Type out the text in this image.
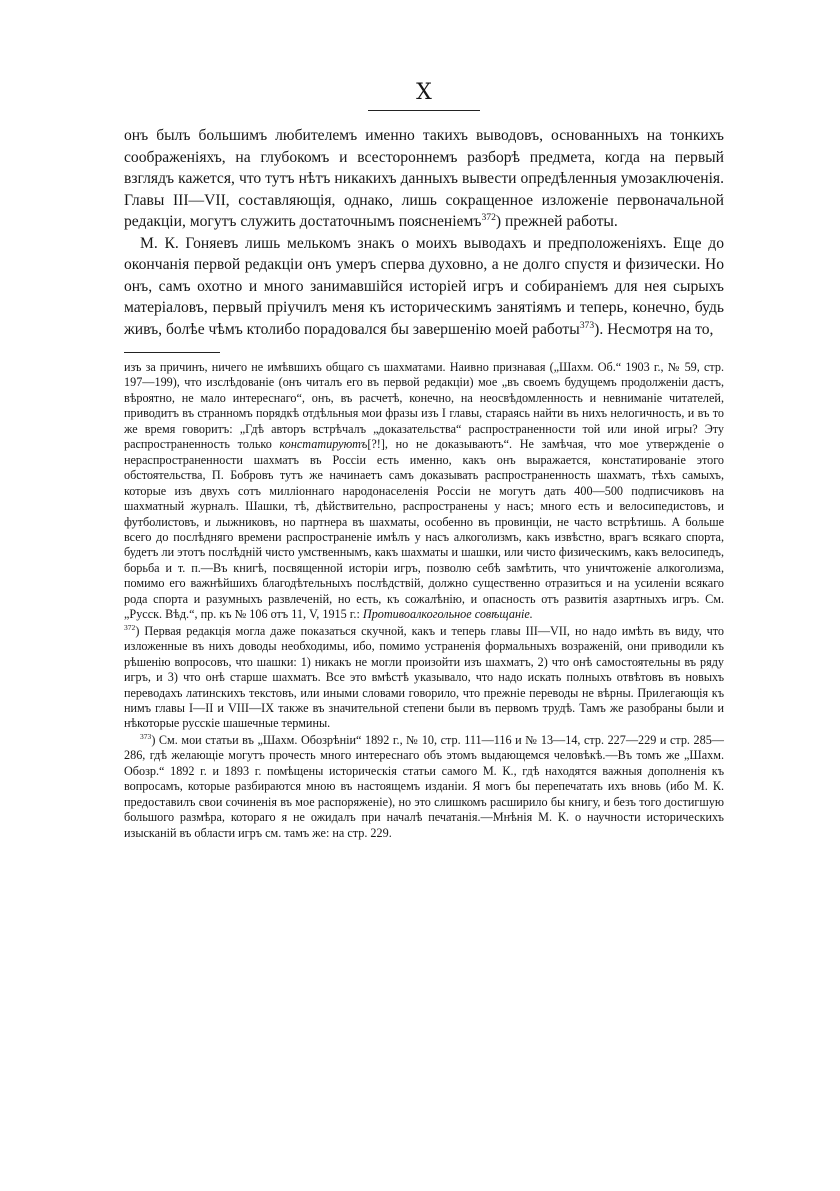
X

онъ былъ большимъ любителемъ именно такихъ выводовъ, основанныхъ на тонкихъ соображеніяхъ, на глубокомъ и всестороннемъ разборѣ предмета, когда на первый взглядъ кажется, что тутъ нѣтъ никакихъ данныхъ вывести опредѣленныя умозаключенія. Главы III—VII, составляющія, однако, лишь сокращенное изложеніе первоначальной редакціи, могутъ служить достаточнымъ поясненіемъ$^{372}$) прежней работы.

М. К. Гоняевъ лишь мелькомъ знакъ о моихъ выводахъ и предположеніяхъ. Еще до окончанія первой редакціи онъ умеръ сперва духовно, а не долго спустя и физически. Но онъ, самъ охотно и много занимавшійся исторіей игръ и собираніемъ для нея сырыхъ матеріаловъ, первый пріучилъ меня къ историческимъ занятіямъ и теперь, конечно, будь живъ, болѣе чѣмъ ктолибо порадовался бы завершенію моей работы$^{373}$). Несмотря на то,

изъ за причинъ, ничего не имѣвшихъ общаго съ шахматами. Наивно признавая („Шахм. Об.“ 1903 г., № 59, стр. 197—199), что изслѣдованіе (онъ читалъ его въ первой редакціи) мое „въ своемъ будущемъ продолженіи дастъ, вѣроятно, не мало интереснаго“, онъ, въ расчетѣ, конечно, на неосвѣдомленность и невниманіе читателей, приводитъ въ странномъ порядкѣ отдѣльныя мои фразы изъ I главы, стараясь найти въ нихъ нелогичность, и въ то же время говоритъ: „Гдѣ авторъ встрѣчалъ „доказательства“ распространенности той или иной игры? Эту распространенность только констатируютъ[?!], но не доказываютъ“. Не замѣчая, что мое утвержденіе о нераспространенности шахматъ въ Россіи есть именно, какъ онъ выражается, констатированіе этого обстоятельства, П. Бобровъ тутъ же начинаетъ самъ доказывать распространенность шахматъ, тѣхъ самыхъ, которые изъ двухъ сотъ милліоннаго народонаселенія Россіи не могутъ дать 400—500 подписчиковъ на шахматный журналъ. Шашки, тѣ, дѣйствительно, распространены у насъ; много есть и велосипедистовъ, и футболистовъ, и лыжниковъ, но партнера въ шахматы, особенно въ провинціи, не часто встрѣтишь. А больше всего до послѣдняго времени распространеніе имѣлъ у насъ алкоголизмъ, какъ извѣстно, врагъ всякаго спорта, будетъ ли этотъ послѣдній чисто умственнымъ, какъ шахматы и шашки, или чисто физическимъ, какъ велосипедъ, борьба и т. п.—Въ книгѣ, посвященной исторіи игръ, позволю себѣ замѣтить, что уничтоженіе алкоголизма, помимо его важнѣйшихъ благодѣтельныхъ послѣдствій, должно существенно отразиться и на усиленіи всякаго рода спорта и разумныхъ развлеченій, но есть, къ сожалѣнію, и опасность отъ развитія азартныхъ игръ. См. „Русск. Вѣд.“, пр. къ № 106 отъ 11, V, 1915 г.: Противоалкогольное совѣщаніе.

$^{372}$) Первая редакція могла даже показаться скучной, какъ и теперь главы III—VII, но надо имѣть въ виду, что изложенные въ нихъ доводы необходимы, ибо, помимо устраненія формальныхъ возраженій, они приводили къ рѣшенію вопросовъ, что шашки: 1) никакъ не могли произойти изъ шахматъ, 2) что онѣ самостоятельны въ ряду игръ, и 3) что онѣ старше шахматъ. Все это вмѣстѣ указывало, что надо искать полныхъ отвѣтовъ въ новыхъ переводахъ латинскихъ текстовъ, или иными словами говорило, что прежніе переводы не вѣрны. Прилегающія къ нимъ главы I—II и VIII—IX также въ значительной степени были въ первомъ трудѣ. Тамъ же разобраны были и нѣкоторые русскіе шашечные термины.

$^{373}$) См. мои статьи въ „Шахм. Обозрѣніи“ 1892 г., № 10, стр. 111—116 и № 13—14, стр. 227—229 и стр. 285—286, гдѣ желающіе могутъ прочесть много интереснаго объ этомъ выдающемся человѣкѣ.—Въ томъ же „Шахм. Обозр.“ 1892 г. и 1893 г. помѣщены историческія статьи самого М. К., гдѣ находятся важныя дополненія къ вопросамъ, которые разбираются мною въ настоящемъ изданіи. Я могъ бы перепечатать ихъ вновь (ибо М. К. предоставилъ свои сочиненія въ мое распоряженіе), но это слишкомъ расширило бы книгу, и безъ того достигшую большого размѣра, котораго я не ожидалъ при началѣ печатанія.—Мнѣнія М. К. о научности историческихъ изысканій въ области игръ см. тамъ же: на стр. 229.
